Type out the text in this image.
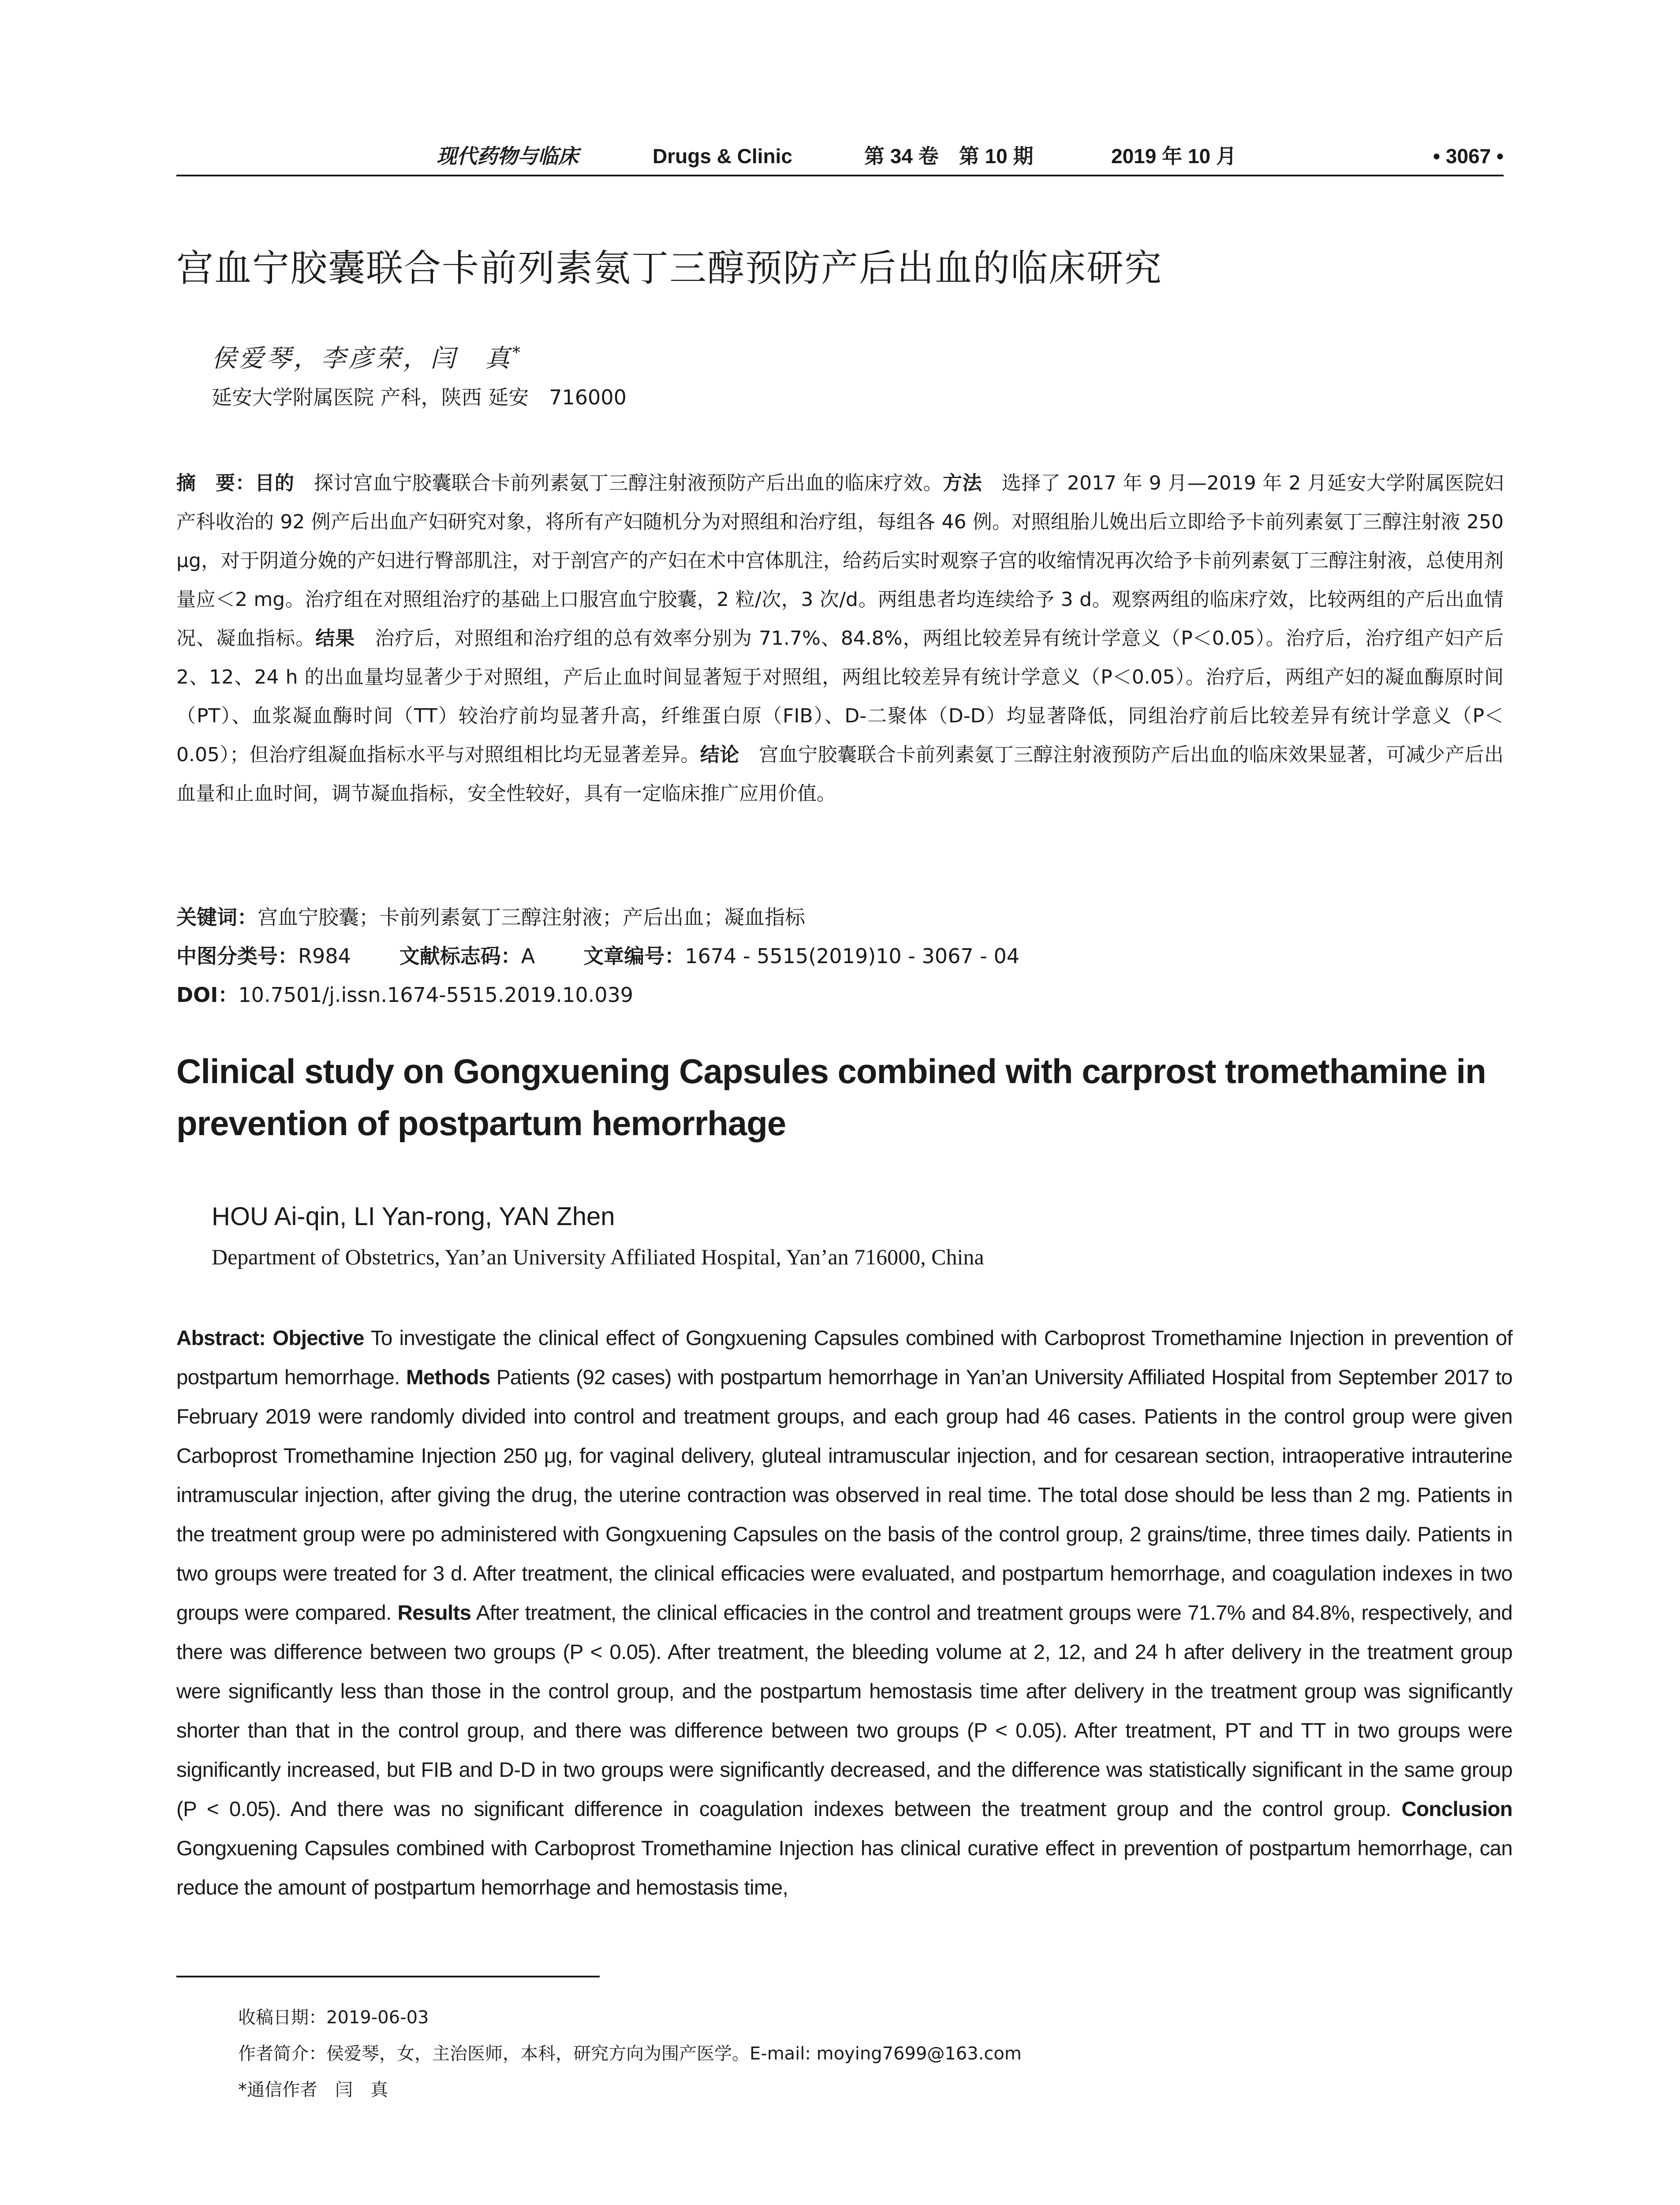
现代药物与临床	Drugs & Clinic	第 34 卷　第 10 期	2019 年 10 月	• 3067 •
宫血宁胶囊联合卡前列素氨丁三醇预防产后出血的临床研究
侯爱琴，李彦荣，闫　真*
延安大学附属医院 产科，陕西 延安　716000
摘　要：目的　探讨宫血宁胶囊联合卡前列素氨丁三醇注射液预防产后出血的临床疗效。方法　选择了 2017 年 9 月—2019 年 2 月延安大学附属医院妇产科收治的 92 例产后出血产妇研究对象，将所有产妇随机分为对照组和治疗组，每组各 46 例。对照组胎儿娩出后立即给予卡前列素氨丁三醇注射液 250 μg，对于阴道分娩的产妇进行臀部肌注，对于剖宫产的产妇在术中宫体肌注，给药后实时观察子宫的收缩情况再次给予卡前列素氨丁三醇注射液，总使用剂量应＜2 mg。治疗组在对照组治疗的基础上口服宫血宁胶囊，2 粒/次，3 次/d。两组患者均连续给予 3 d。观察两组的临床疗效，比较两组的产后出血情况、凝血指标。结果　治疗后，对照组和治疗组的总有效率分别为 71.7%、84.8%，两组比较差异有统计学意义（P＜0.05）。治疗后，治疗组产妇产后 2、12、24 h 的出血量均显著少于对照组，产后止血时间显著短于对照组，两组比较差异有统计学意义（P＜0.05）。治疗后，两组产妇的凝血酶原时间（PT）、血浆凝血酶时间（TT）较治疗前均显著升高，纤维蛋白原（FIB）、D-二聚体（D-D）均显著降低，同组治疗前后比较差异有统计学意义（P＜0.05）；但治疗组凝血指标水平与对照组相比均无显著差异。结论　宫血宁胶囊联合卡前列素氨丁三醇注射液预防产后出血的临床效果显著，可减少产后出血量和止血时间，调节凝血指标，安全性较好，具有一定临床推广应用价值。
关键词：宫血宁胶囊；卡前列素氨丁三醇注射液；产后出血；凝血指标
中图分类号：R984 文献标志码：A 文章编号：1674 - 5515(2019)10 - 3067 - 04
DOI：10.7501/j.issn.1674-5515.2019.10.039
Clinical study on Gongxuening Capsules combined with carprost tromethamine in prevention of postpartum hemorrhage
HOU Ai-qin, LI Yan-rong, YAN Zhen
Department of Obstetrics, Yan’an University Affiliated Hospital, Yan’an 716000, China
Abstract: Objective To investigate the clinical effect of Gongxuening Capsules combined with Carboprost Tromethamine Injection in prevention of postpartum hemorrhage. Methods Patients (92 cases) with postpartum hemorrhage in Yan’an University Affiliated Hospital from September 2017 to February 2019 were randomly divided into control and treatment groups, and each group had 46 cases. Patients in the control group were given Carboprost Tromethamine Injection 250 μg, for vaginal delivery, gluteal intramuscular injection, and for cesarean section, intraoperative intrauterine intramuscular injection, after giving the drug, the uterine contraction was observed in real time. The total dose should be less than 2 mg. Patients in the treatment group were po administered with Gongxuening Capsules on the basis of the control group, 2 grains/time, three times daily. Patients in two groups were treated for 3 d. After treatment, the clinical efficacies were evaluated, and postpartum hemorrhage, and coagulation indexes in two groups were compared. Results After treatment, the clinical efficacies in the control and treatment groups were 71.7% and 84.8%, respectively, and there was difference between two groups (P < 0.05). After treatment, the bleeding volume at 2, 12, and 24 h after delivery in the treatment group were significantly less than those in the control group, and the postpartum hemostasis time after delivery in the treatment group was significantly shorter than that in the control group, and there was difference between two groups (P < 0.05). After treatment, PT and TT in two groups were significantly increased, but FIB and D-D in two groups were significantly decreased, and the difference was statistically significant in the same group (P < 0.05). And there was no significant difference in coagulation indexes between the treatment group and the control group. Conclusion Gongxuening Capsules combined with Carboprost Tromethamine Injection has clinical curative effect in prevention of postpartum hemorrhage, can reduce the amount of postpartum hemorrhage and hemostasis time,
收稿日期：2019-06-03
作者简介：侯爱琴，女，主治医师，本科，研究方向为围产医学。E-mail: moying7699@163.com
*通信作者 闫　真
